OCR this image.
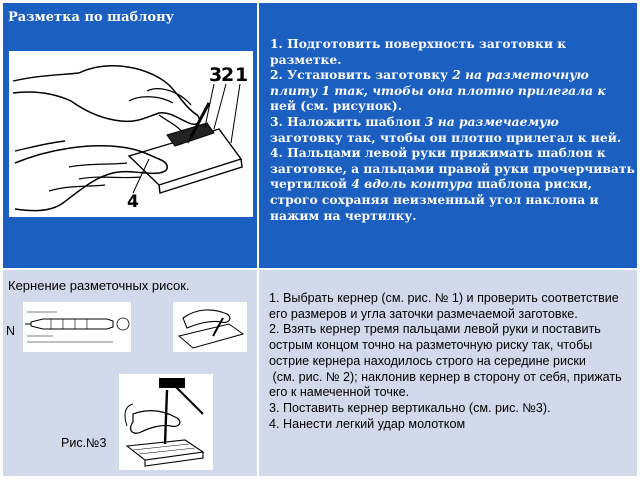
Разметка по шаблону
3
2 1
4

1. Подготовить поверхность заготовки к разметке.

2. Установить заготовку 2 на разметочную плиту 1 так, чтобы она плотно прилегала к ней (см. рисунок).

3. Наложить шаблон 3 на размечаемую заготовку так, чтобы он плотно прилегал к ней.

4. Пальцами левой руки прижимать шаблон к заготовке, а пальцами правой руки прочерчивать чертилкой 4 вдоль контура шаблона риски, строго сохраняя неизменный угол наклона и нажим на чертилку.

Кернение разметочных рисок.
N
Рис.№3

1. Выбрать кернер (см. рис. № 1) и проверить соответствие его размеров и угла заточки размечаемой заготовке.

2. Взять кернер тремя пальцами левой руки и поставить острым концом точно на разметочную риску так, чтобы острие кернера находилось строго на середине риски

(см. рис. № 2); наклонив кернер в сторону от себя, прижать его к намеченной точке.

3. Поставить кернер вертикально (см. рис. №3).

4. Нанести легкий удар молотком
